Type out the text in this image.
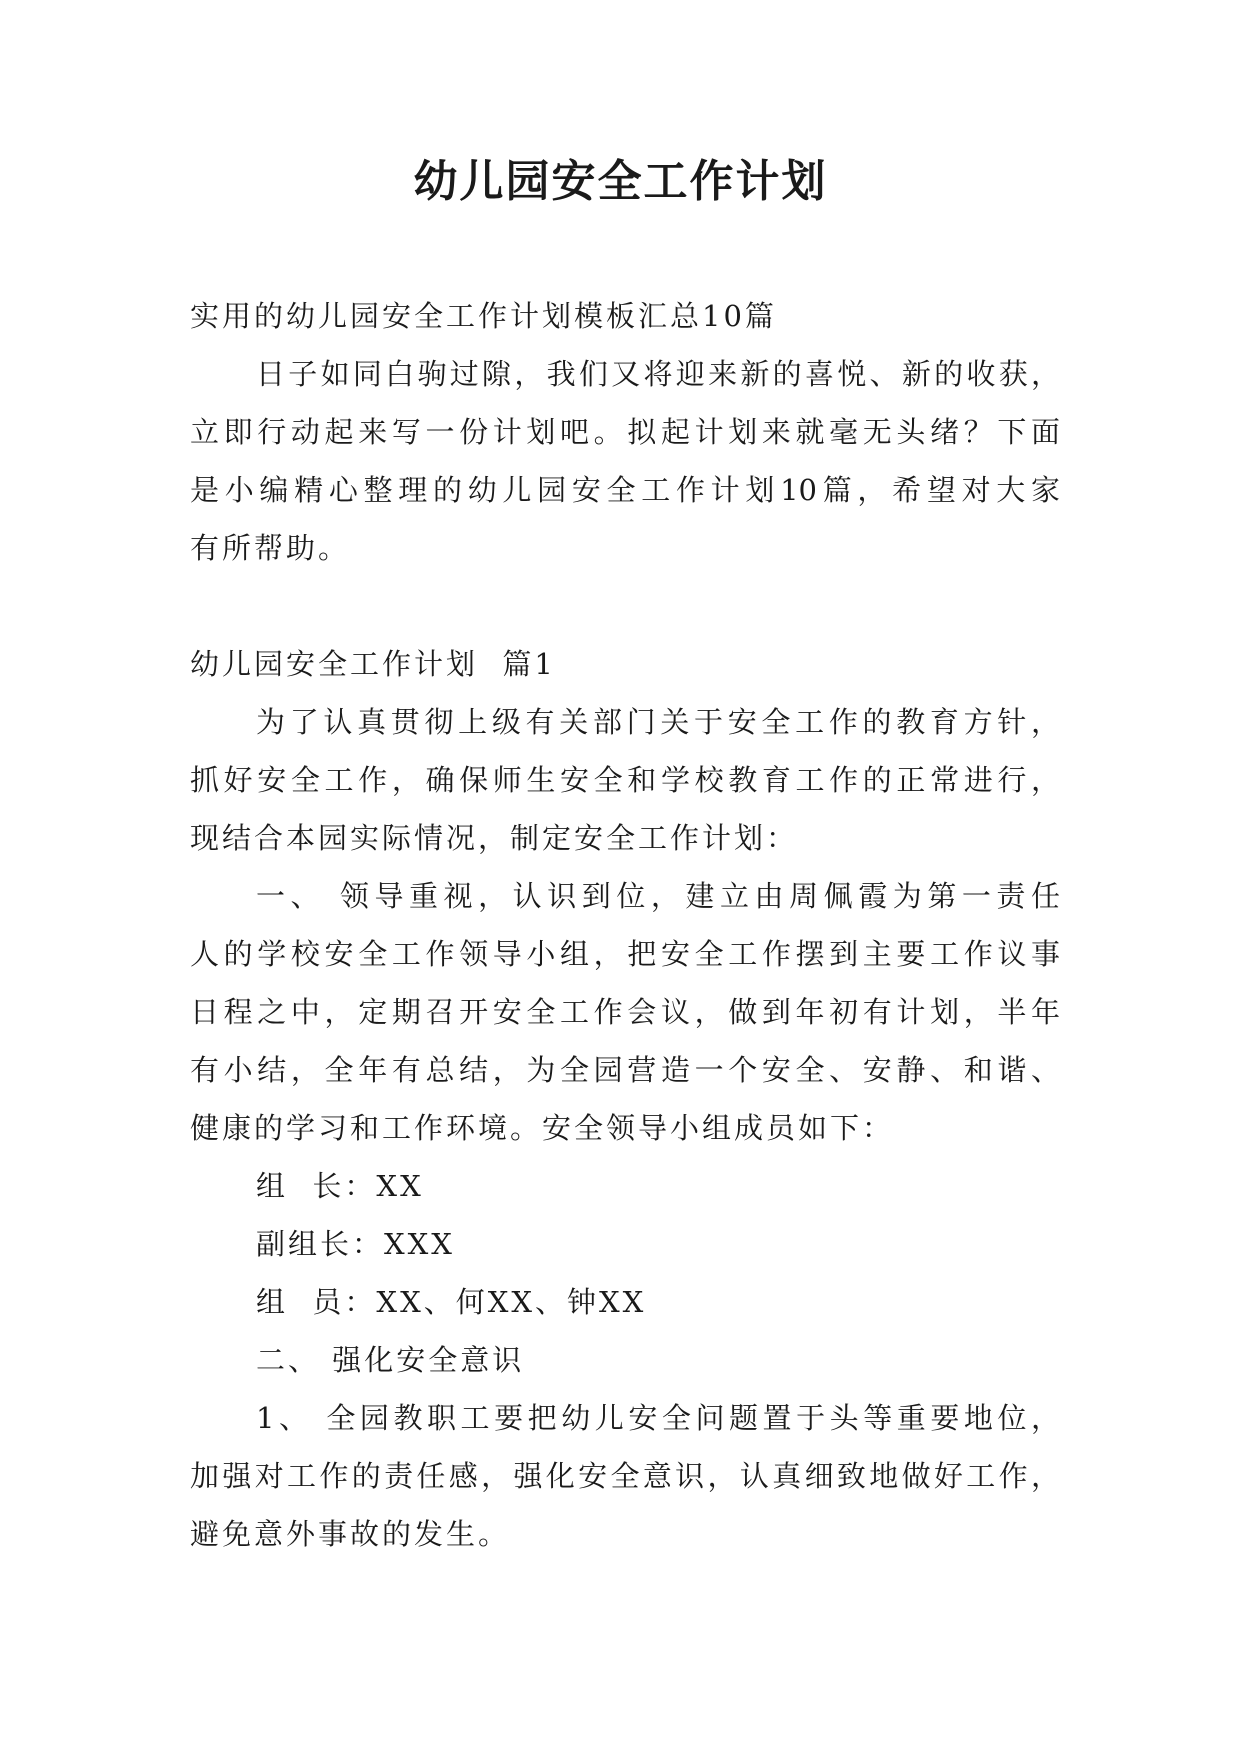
幼儿园安全工作计划
实用的幼儿园安全工作计划模板汇总10篇
日子如同白驹过隙，我们又将迎来新的喜悦、新的收获，
立即行动起来写一份计划吧。拟起计划来就毫无头绪？下面
是小编精心整理的幼儿园安全工作计划10篇，希望对大家
有所帮助。
幼儿园安全工作计划  篇1
为了认真贯彻上级有关部门关于安全工作的教育方针，
抓好安全工作，确保师生安全和学校教育工作的正常进行，
现结合本园实际情况，制定安全工作计划：
一、 领导重视，认识到位，建立由周佩霞为第一责任
人的学校安全工作领导小组，把安全工作摆到主要工作议事
日程之中，定期召开安全工作会议，做到年初有计划，半年
有小结，全年有总结，为全园营造一个安全、安静、和谐、
健康的学习和工作环境。安全领导小组成员如下：
组  长：XX
副组长：XXX
组  员：XX、何XX、钟XX
二、 强化安全意识
1、 全园教职工要把幼儿安全问题置于头等重要地位，
加强对工作的责任感，强化安全意识，认真细致地做好工作，
避免意外事故的发生。
